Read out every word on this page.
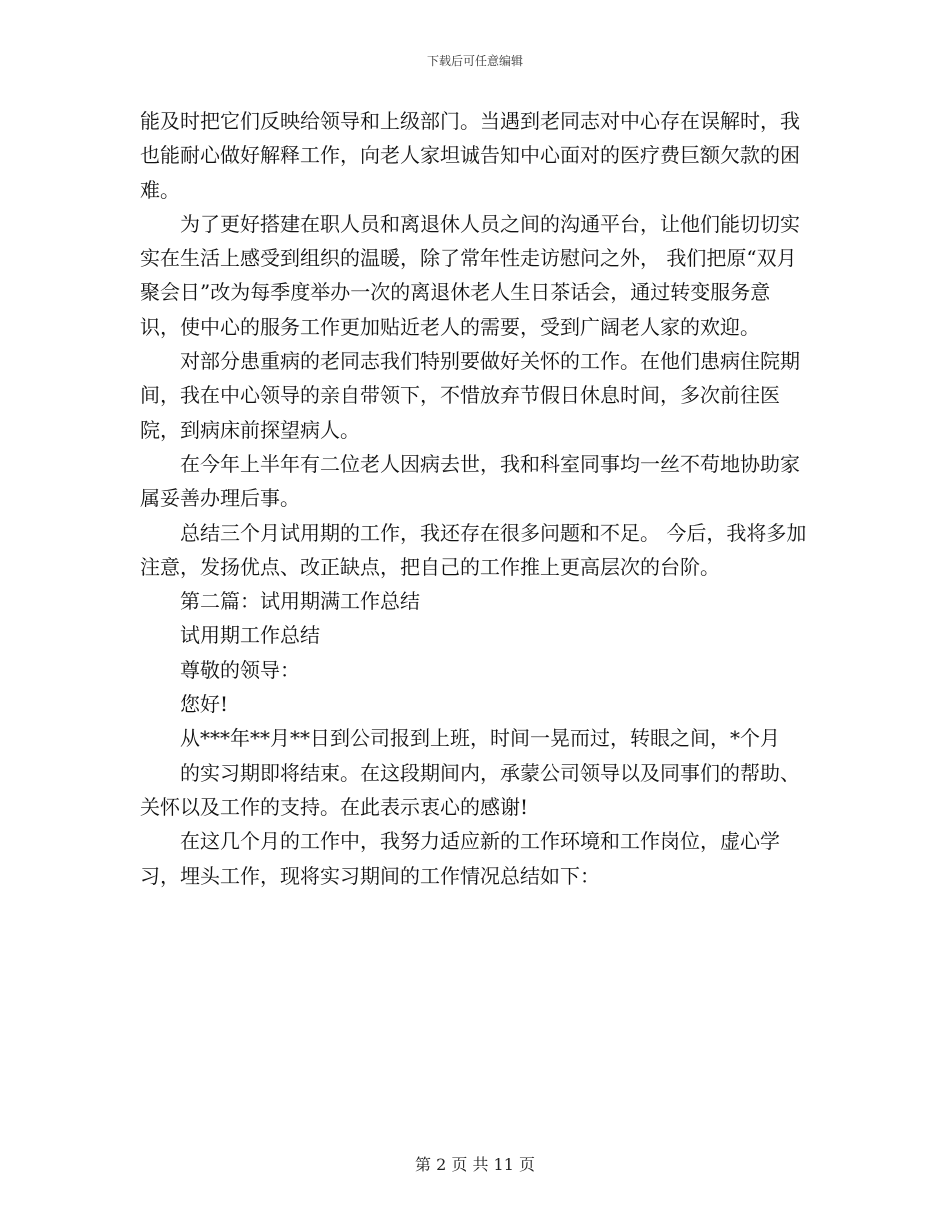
下载后可任意编辑

能及时把它们反映给领导和上级部门。当遇到老同志对中心存在误解时，我也能耐心做好解释工作，向老人家坦诚告知中心面对的医疗费巨额欠款的困难。

为了更好搭建在职人员和离退休人员之间的沟通平台，让他们能切切实实在生活上感受到组织的温暖，除了常年性走访慰问之外， 我们把原“双月聚会日”改为每季度举办一次的离退休老人生日茶话会，通过转变服务意识，使中心的服务工作更加贴近老人的需要，受到广阔老人家的欢迎。

对部分患重病的老同志我们特别要做好关怀的工作。在他们患病住院期间，我在中心领导的亲自带领下，不惜放弃节假日休息时间，多次前往医院，到病床前探望病人。

在今年上半年有二位老人因病去世，我和科室同事均一丝不苟地协助家属妥善办理后事。

总结三个月试用期的工作，我还存在很多问题和不足。 今后，我将多加注意，发扬优点、改正缺点，把自己的工作推上更高层次的台阶。

第二篇：试用期满工作总结

试用期工作总结

尊敬的领导：

您好!

从***年**月**日到公司报到上班，时间一晃而过，转眼之间，*个月

的实习期即将结束。在这段期间内，承蒙公司领导以及同事们的帮助、关怀以及工作的支持。在此表示衷心的感谢!

在这几个月的工作中，我努力适应新的工作环境和工作岗位，虚心学习，埋头工作，现将实习期间的工作情况总结如下：

第 2 页 共 11 页
